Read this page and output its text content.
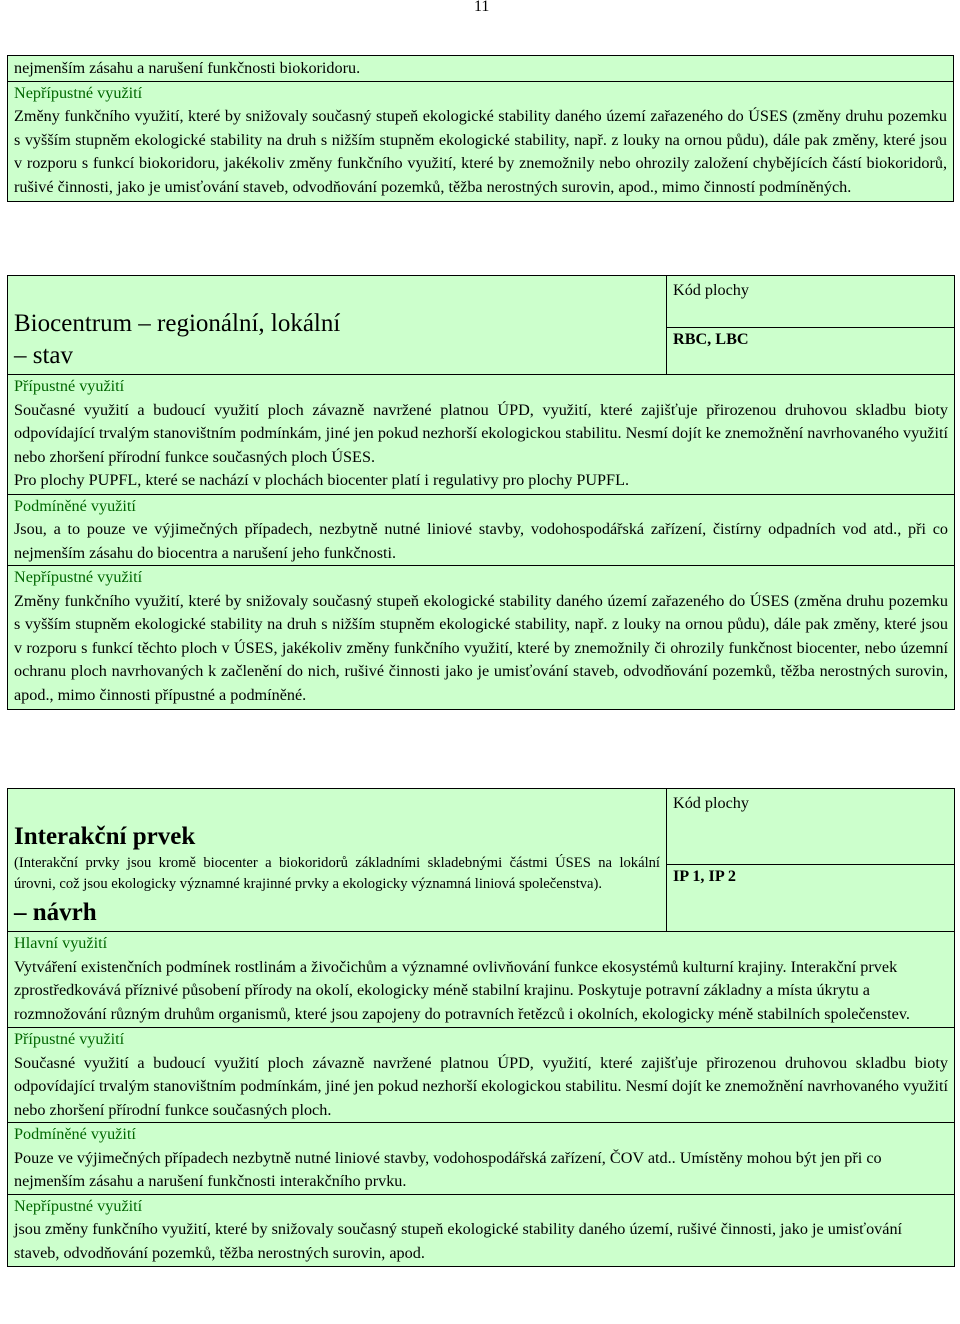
11
nejmenším zásahu a narušení funkčnosti biokoridoru.

Nepřípustné využití
Změny funkčního využití, které by snižovaly současný stupeň ekologické stability daného území zařazeného do ÚSES (změny druhu pozemku s vyšším stupněm ekologické stability na druh s nižším stupněm ekologické stability, např. z louky na ornou půdu), dále pak změny, které jsou v rozporu s funkcí biokoridoru, jakékoliv změny funkčního využití, které by znemožnily nebo ohrozily založení chybějících částí biokoridorů, rušivé činnosti, jako je umisťování staveb, odvodňování pozemků, těžba nerostných surovin, apod., mimo činností podmíněných.
Biocentrum – regionální, lokální
– stav
	Kód plochy
RBC, LBC

Přípustné využití
Současné využití a budoucí využití ploch závazně navržené platnou ÚPD, využití, které zajišťuje přirozenou druhovou skladbu bioty odpovídající trvalým stanovištním podmínkám, jiné jen pokud nezhorší ekologickou stabilitu. Nesmí dojít ke znemožnění navrhovaného využití nebo zhoršení přírodní funkce současných ploch ÚSES.
Pro plochy PUPFL, které se nachází v plochách biocenter platí i regulativy pro plochy PUPFL.

Podmíněné využití
Jsou, a to pouze ve výjimečných případech, nezbytně nutné liniové stavby, vodohospodářská zařízení, čistírny odpadních vod atd., při co nejmenším zásahu do biocentra a narušení jeho funkčnosti.

Nepřípustné využití
Změny funkčního využití, které by snižovaly současný stupeň ekologické stability daného území zařazeného do ÚSES (změna druhu pozemku s vyšším stupněm ekologické stability na druh s nižším stupněm ekologické stability, např. z louky na ornou půdu), dále pak změny, které jsou v rozporu s funkcí těchto ploch v ÚSES, jakékoliv změny funkčního využití, které by znemožnily či ohrozily funkčnost biocenter, nebo územní ochranu ploch navrhovaných k začlenění do nich, rušivé činnosti jako je umisťování staveb, odvodňování pozemků, těžba nerostných surovin, apod., mimo činnosti přípustné a podmíněné.
Interakční prvek
(Interakční prvky jsou kromě biocenter a biokoridorů základními skladebnými částmi ÚSES na lokální úrovni, což jsou ekologicky významné krajinné prvky a ekologicky významná liniová společenstva).
– návrh
	Kód plochy
IP 1, IP 2

Hlavní využití
Vytváření existenčních podmínek rostlinám a živočichům a významné ovlivňování funkce ekosystémů kulturní krajiny. Interakční prvek zprostředkovává příznivé působení přírody na okolí, ekologicky méně stabilní krajinu. Poskytuje potravní základny a místa úkrytu a rozmnožování různým druhům organismů, které jsou zapojeny do potravních řetězců i okolních, ekologicky méně stabilních společenstev.

Přípustné využití
Současné využití a budoucí využití ploch závazně navržené platnou ÚPD, využití, které zajišťuje přirozenou druhovou skladbu bioty odpovídající trvalým stanovištním podmínkám, jiné jen pokud nezhorší ekologickou stabilitu. Nesmí dojít ke znemožnění navrhovaného využití nebo zhoršení přírodní funkce současných ploch.

Podmíněné využití
Pouze ve výjimečných případech nezbytně nutné liniové stavby, vodohospodářská zařízení, ČOV atd.. Umístěny mohou být jen při co nejmenším zásahu a narušení funkčnosti interakčního prvku.

Nepřípustné využití
jsou změny funkčního využití, které by snižovaly současný stupeň ekologické stability daného území, rušivé činnosti, jako je umisťování staveb, odvodňování pozemků, těžba nerostných surovin, apod.
